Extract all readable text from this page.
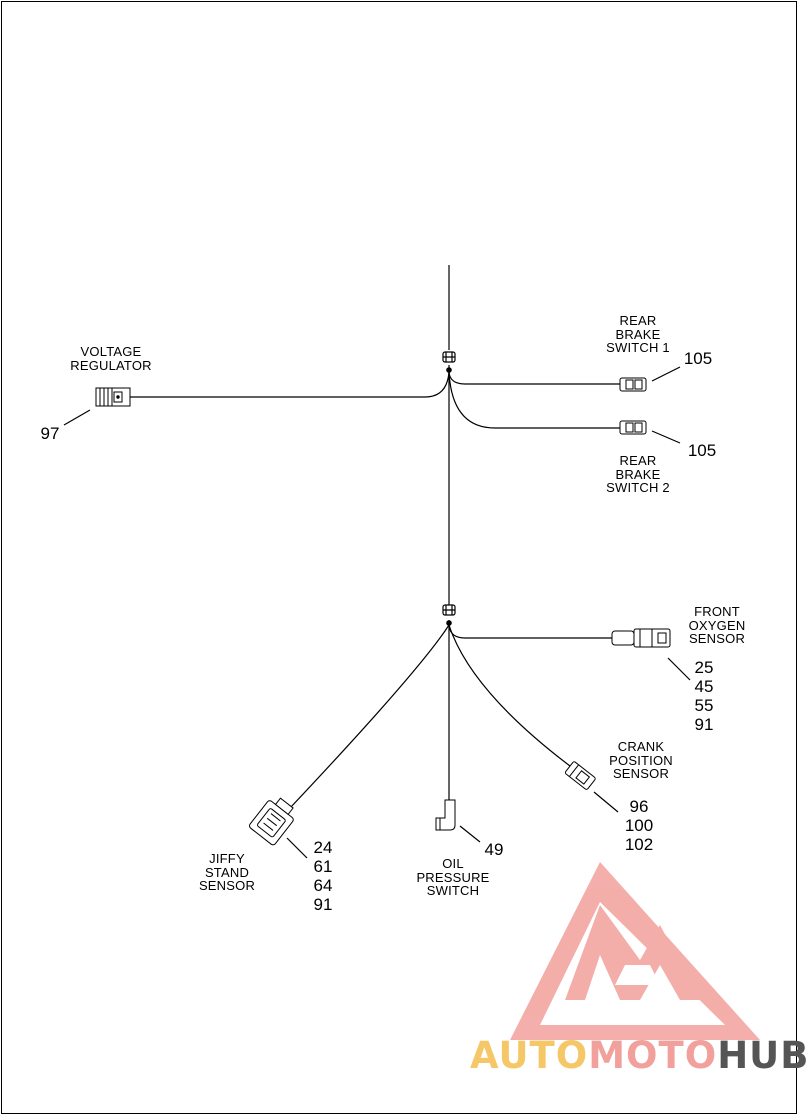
VOLTAGE
REGULATOR
97
REAR
BRAKE
SWITCH 1
105
105
REAR
BRAKE
SWITCH 2
FRONT
OXYGEN
SENSOR
25
45
55
91
CRANK
POSITION
SENSOR
96
100
102
49
OIL
PRESSURE
SWITCH
JIFFY
STAND
SENSOR
24
61
64
91
AUTOMOTOHUB
